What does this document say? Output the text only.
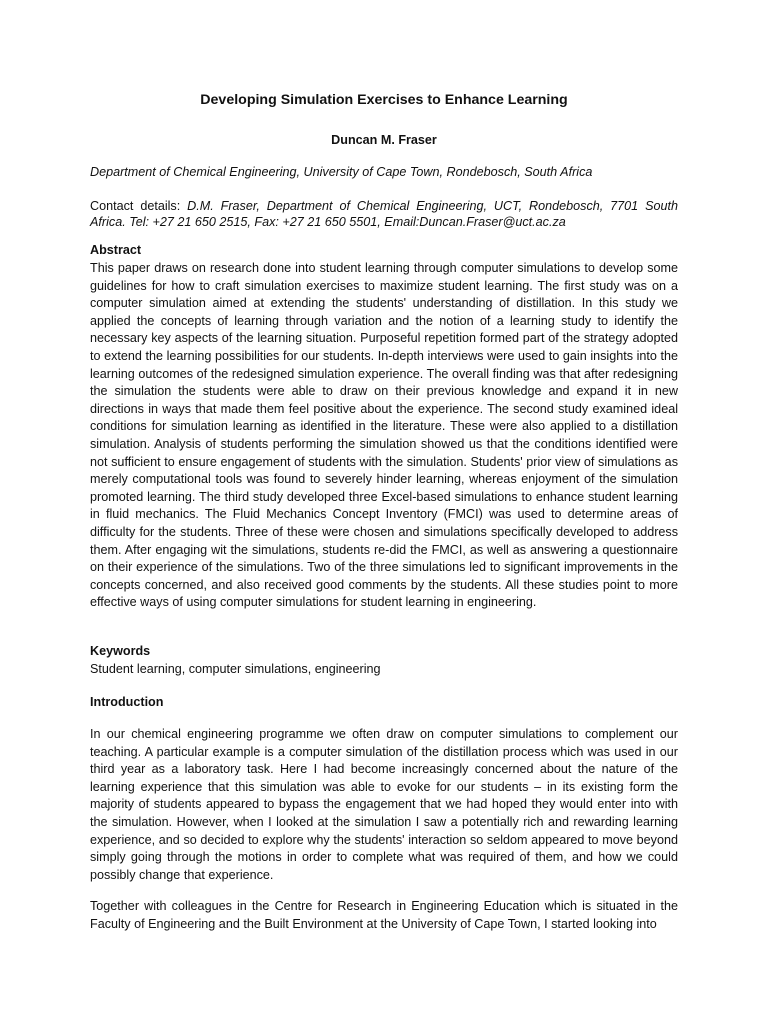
Developing Simulation Exercises to Enhance Learning

Duncan M. Fraser

Department of Chemical Engineering, University of Cape Town, Rondebosch, South Africa

Contact details: D.M. Fraser, Department of Chemical Engineering, UCT, Rondebosch, 7701 South Africa. Tel: +27 21 650 2515, Fax: +27 21 650 5501, Email:Duncan.Fraser@uct.ac.za

Abstract

This paper draws on research done into student learning through computer simulations to develop some guidelines for how to craft simulation exercises to maximize student learning. The first study was on a computer simulation aimed at extending the students' understanding of distillation. In this study we applied the concepts of learning through variation and the notion of a learning study to identify the necessary key aspects of the learning situation. Purposeful repetition formed part of the strategy adopted to extend the learning possibilities for our students. In-depth interviews were used to gain insights into the learning outcomes of the redesigned simulation experience. The overall finding was that after redesigning the simulation the students were able to draw on their previous knowledge and expand it in new directions in ways that made them feel positive about the experience. The second study examined ideal conditions for simulation learning as identified in the literature. These were also applied to a distillation simulation. Analysis of students performing the simulation showed us that the conditions identified were not sufficient to ensure engagement of students with the simulation. Students' prior view of simulations as merely computational tools was found to severely hinder learning, whereas enjoyment of the simulation promoted learning. The third study developed three Excel-based simulations to enhance student learning in fluid mechanics. The Fluid Mechanics Concept Inventory (FMCI) was used to determine areas of difficulty for the students. Three of these were chosen and simulations specifically developed to address them. After engaging wit the simulations, students re-did the FMCI, as well as answering a questionnaire on their experience of the simulations. Two of the three simulations led to significant improvements in the concepts concerned, and also received good comments by the students. All these studies point to more effective ways of using computer simulations for student learning in engineering.

Keywords

Student learning, computer simulations, engineering

Introduction

In our chemical engineering programme we often draw on computer simulations to complement our teaching. A particular example is a computer simulation of the distillation process which was used in our third year as a laboratory task. Here I had become increasingly concerned about the nature of the learning experience that this simulation was able to evoke for our students – in its existing form the majority of students appeared to bypass the engagement that we had hoped they would enter into with the simulation. However, when I looked at the simulation I saw a potentially rich and rewarding learning experience, and so decided to explore why the students' interaction so seldom appeared to move beyond simply going through the motions in order to complete what was required of them, and how we could possibly change that experience.

Together with colleagues in the Centre for Research in Engineering Education which is situated in the Faculty of Engineering and the Built Environment at the University of Cape Town, I started looking into
